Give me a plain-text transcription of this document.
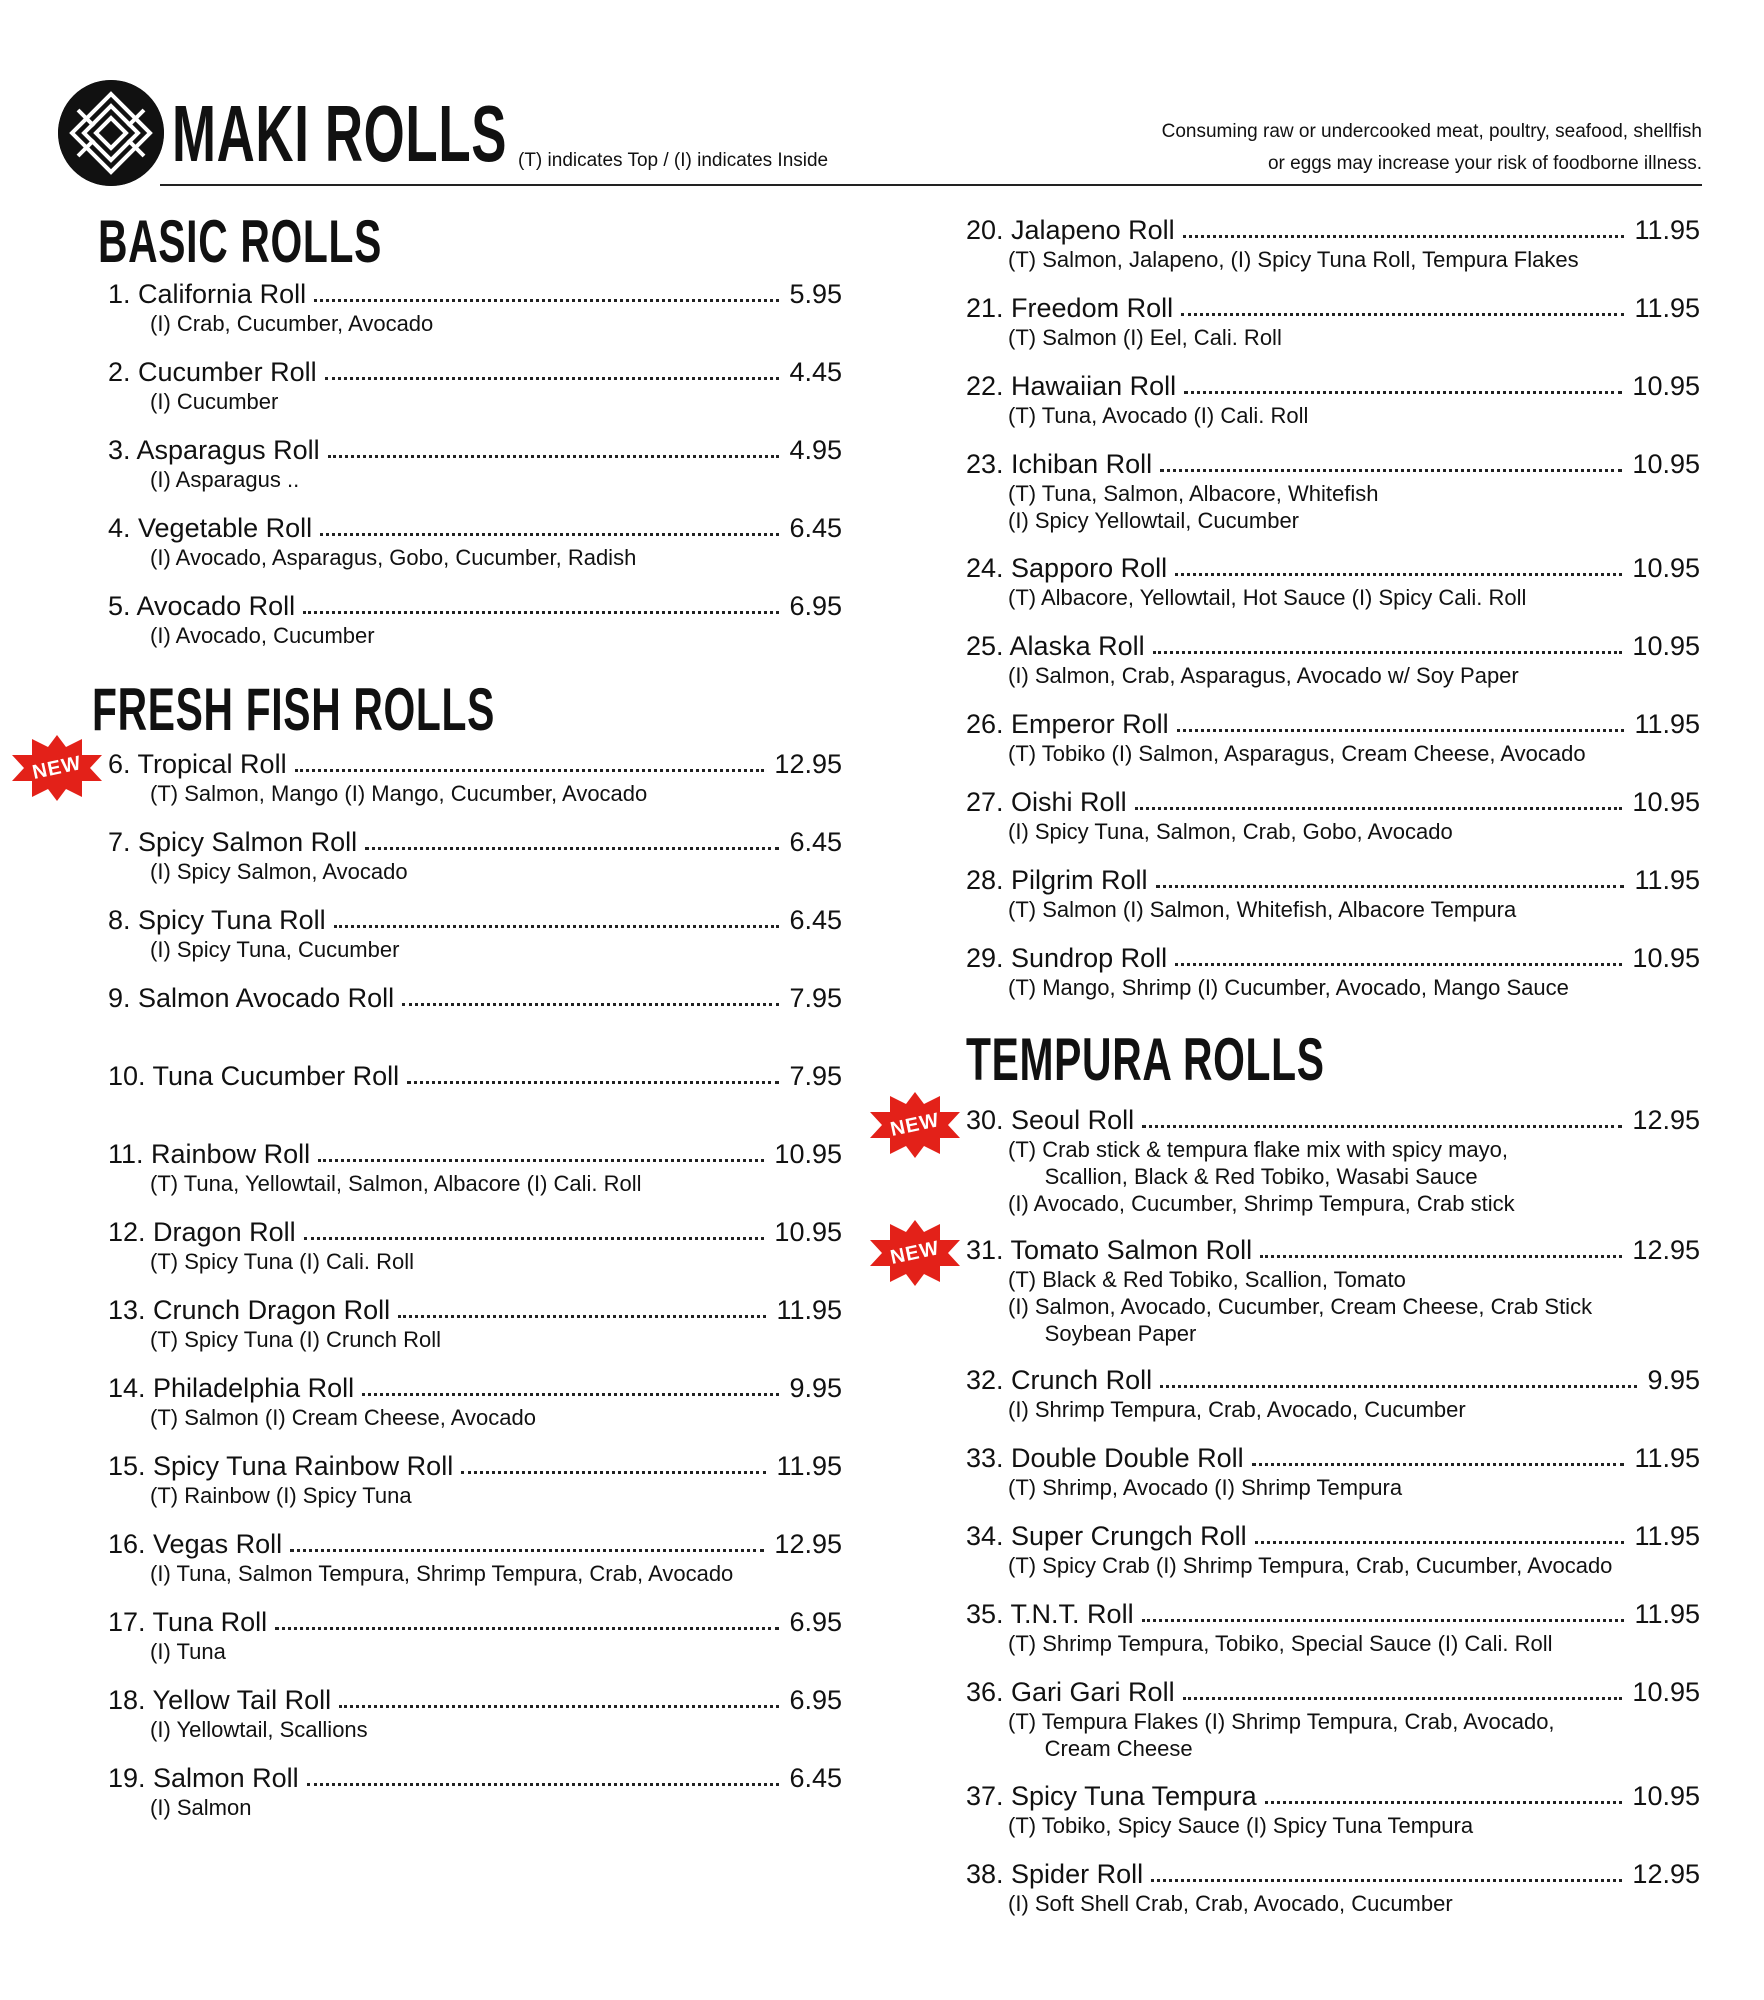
MAKI ROLLS (T) indicates Top / (I) indicates Inside
Consuming raw or undercooked meat, poultry, seafood, shellfish
or eggs may increase your risk of foodborne illness.
BASIC ROLLS
FRESH FISH ROLLS
TEMPURA ROLLS
NEW
NEW
NEW
1. California Roll	5.95
(I) Crab, Cucumber, Avocado
2. Cucumber Roll	4.45
(I) Cucumber
3. Asparagus Roll	4.95
(I) Asparagus ..
4. Vegetable Roll	6.45
(I) Avocado, Asparagus, Gobo, Cucumber, Radish
5. Avocado Roll	6.95
(I) Avocado, Cucumber
6. Tropical Roll	12.95
(T) Salmon, Mango (I) Mango, Cucumber, Avocado
7. Spicy Salmon Roll	6.45
(I) Spicy Salmon, Avocado
8. Spicy Tuna Roll	6.45
(I) Spicy Tuna, Cucumber
9. Salmon Avocado Roll	7.95
10. Tuna Cucumber Roll	7.95
11. Rainbow Roll	10.95
(T) Tuna, Yellowtail, Salmon, Albacore (I) Cali. Roll
12. Dragon Roll	10.95
(T) Spicy Tuna (I) Cali. Roll
13. Crunch Dragon Roll	11.95
(T) Spicy Tuna (I) Crunch Roll
14. Philadelphia Roll	9.95
(T) Salmon (I) Cream Cheese, Avocado
15. Spicy Tuna Rainbow Roll	11.95
(T) Rainbow (I) Spicy Tuna
16. Vegas Roll	12.95
(I) Tuna, Salmon Tempura, Shrimp Tempura, Crab, Avocado
17. Tuna Roll	6.95
(I) Tuna
18. Yellow Tail Roll	6.95
(I) Yellowtail, Scallions
19. Salmon Roll	6.45
(I) Salmon
20. Jalapeno Roll	11.95
(T) Salmon, Jalapeno, (I) Spicy Tuna Roll, Tempura Flakes
21. Freedom Roll	11.95
(T) Salmon (I) Eel, Cali. Roll
22. Hawaiian Roll	10.95
(T) Tuna, Avocado (I) Cali. Roll
23. Ichiban Roll	10.95
(T) Tuna, Salmon, Albacore, Whitefish
(I) Spicy Yellowtail, Cucumber
24. Sapporo Roll	10.95
(T) Albacore, Yellowtail, Hot Sauce (I) Spicy Cali. Roll
25. Alaska Roll	10.95
(I) Salmon, Crab, Asparagus, Avocado w/ Soy Paper
26. Emperor Roll	11.95
(T) Tobiko (I) Salmon, Asparagus, Cream Cheese, Avocado
27. Oishi Roll	10.95
(I) Spicy Tuna, Salmon, Crab, Gobo, Avocado
28. Pilgrim Roll	11.95
(T) Salmon (I) Salmon, Whitefish, Albacore Tempura
29. Sundrop Roll	10.95
(T) Mango, Shrimp (I) Cucumber, Avocado, Mango Sauce
30. Seoul Roll	12.95
(T) Crab stick & tempura flake mix with spicy mayo,
Scallion, Black & Red Tobiko, Wasabi Sauce
(I) Avocado, Cucumber, Shrimp Tempura, Crab stick
31. Tomato Salmon Roll	12.95
(T) Black & Red Tobiko, Scallion, Tomato
(I) Salmon, Avocado, Cucumber, Cream Cheese, Crab Stick
Soybean Paper
32. Crunch Roll	9.95
(I) Shrimp Tempura, Crab, Avocado, Cucumber
33. Double Double Roll	11.95
(T) Shrimp, Avocado (I) Shrimp Tempura
34. Super Crungch Roll	11.95
(T) Spicy Crab (I) Shrimp Tempura, Crab, Cucumber, Avocado
35. T.N.T. Roll	11.95
(T) Shrimp Tempura, Tobiko, Special Sauce (I) Cali. Roll
36. Gari Gari Roll	10.95
(T) Tempura Flakes (I) Shrimp Tempura, Crab, Avocado,
Cream Cheese
37. Spicy Tuna Tempura	10.95
(T) Tobiko, Spicy Sauce (I) Spicy Tuna Tempura
38. Spider Roll	12.95
(I) Soft Shell Crab, Crab, Avocado, Cucumber
